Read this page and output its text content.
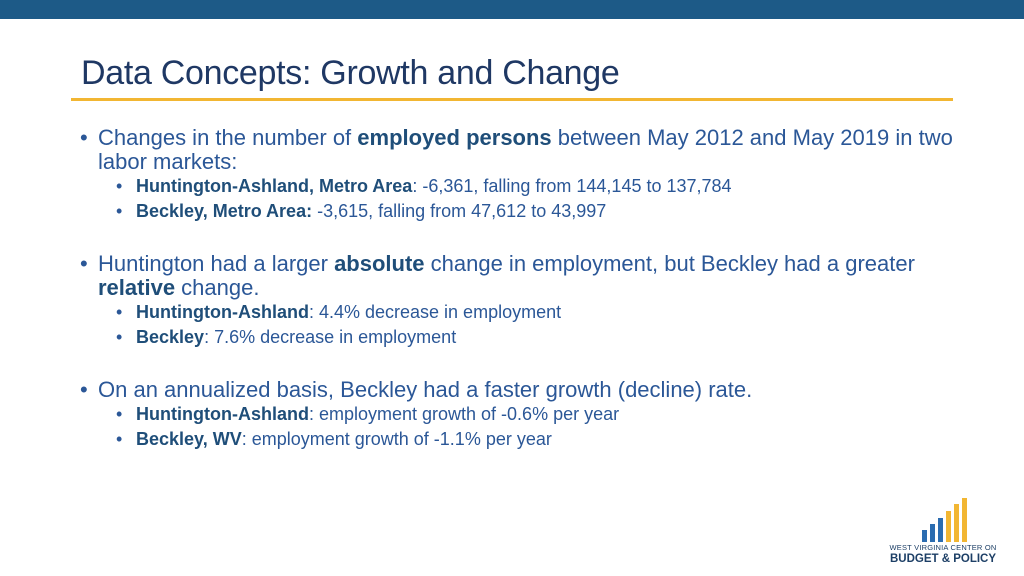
Data Concepts: Growth and Change
• Changes in the number of employed persons between May 2012 and May 2019 in two labor markets:
• Huntington-Ashland, Metro Area: -6,361, falling from 144,145 to 137,784
• Beckley, Metro Area: -3,615, falling from 47,612 to 43,997
• Huntington had a larger absolute change in employment, but Beckley had a greater relative change.
• Huntington-Ashland: 4.4% decrease in employment
• Beckley: 7.6% decrease in employment
• On an annualized basis, Beckley had a faster growth (decline) rate.
• Huntington-Ashland: employment growth of -0.6% per year
• Beckley, WV: employment growth of -1.1% per year
WEST VIRGINIA CENTER ON
BUDGET & POLICY
